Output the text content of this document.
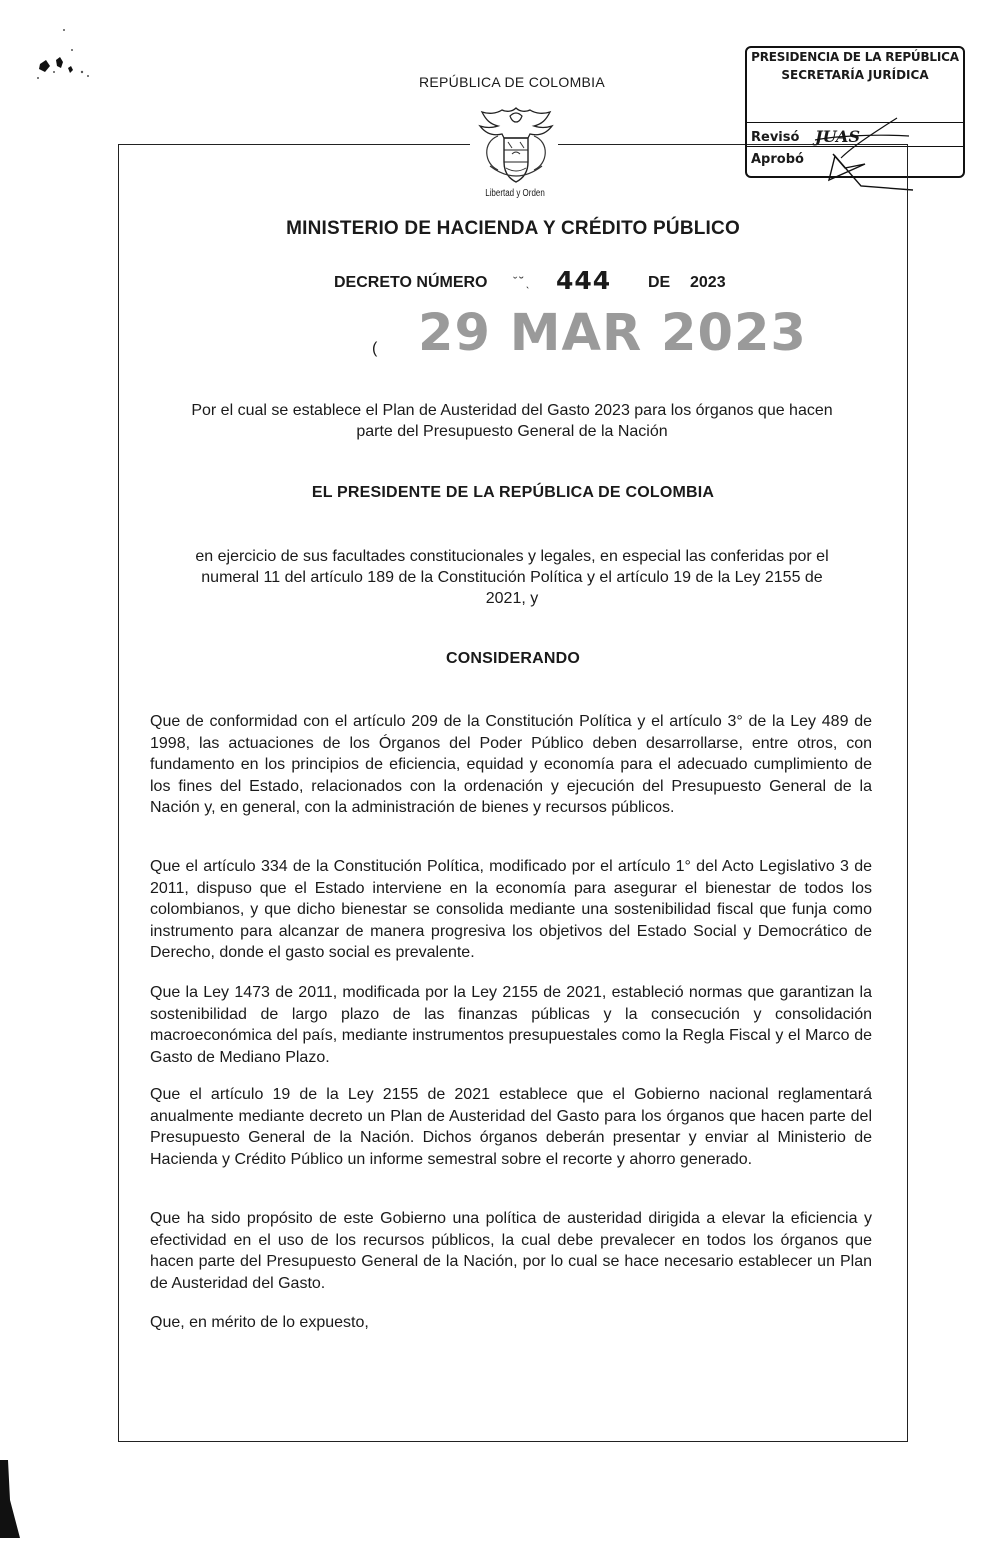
REPÚBLICA DE COLOMBIA
Libertad y Orden
PRESIDENCIA DE LA REPÚBLICA
SECRETARÍA JURÍDICA
Revisó JUAS
Aprobó
MINISTERIO DE HACIENDA Y CRÉDITO PÚBLICO
DECRETO NÚMERO ˇ˘ˎ 444 DE 2023
( 29 MAR 2023
Por el cual se establece el Plan de Austeridad del Gasto 2023 para los órganos que hacen
parte del Presupuesto General de la Nación
EL PRESIDENTE DE LA REPÚBLICA DE COLOMBIA
en ejercicio de sus facultades constitucionales y legales, en especial las conferidas por el
numeral 11 del artículo 189 de la Constitución Política y el artículo 19 de la Ley 2155 de
2021, y
CONSIDERANDO

Que de conformidad con el artículo 209 de la Constitución Política y el artículo 3° de la Ley 489 de 1998, las actuaciones de los Órganos del Poder Público deben desarrollarse, entre otros, con fundamento en los principios de eficiencia, equidad y economía para el adecuado cumplimiento de los fines del Estado, relacionados con la ordenación y ejecución del Presupuesto General de la Nación y, en general, con la administración de bienes y recursos públicos.

Que el artículo 334 de la Constitución Política, modificado por el artículo 1° del Acto Legislativo 3 de 2011, dispuso que el Estado interviene en la economía para asegurar el bienestar de todos los colombianos, y que dicho bienestar se consolida mediante una sostenibilidad fiscal que funja como instrumento para alcanzar de manera progresiva los objetivos del Estado Social y Democrático de Derecho, donde el gasto social es prevalente.

Que la Ley 1473 de 2011, modificada por la Ley 2155 de 2021, estableció normas que garantizan la sostenibilidad de largo plazo de las finanzas públicas y la consecución y consolidación macroeconómica del país, mediante instrumentos presupuestales como la Regla Fiscal y el Marco de Gasto de Mediano Plazo.

Que el artículo 19 de la Ley 2155 de 2021 establece que el Gobierno nacional reglamentará anualmente mediante decreto un Plan de Austeridad del Gasto para los órganos que hacen parte del Presupuesto General de la Nación. Dichos órganos deberán presentar y enviar al Ministerio de Hacienda y Crédito Público un informe semestral sobre el recorte y ahorro generado.

Que ha sido propósito de este Gobierno una política de austeridad dirigida a elevar la eficiencia y efectividad en el uso de los recursos públicos, la cual debe prevalecer en todos los órganos que hacen parte del Presupuesto General de la Nación, por lo cual se hace necesario establecer un Plan de Austeridad del Gasto.

Que, en mérito de lo expuesto,
